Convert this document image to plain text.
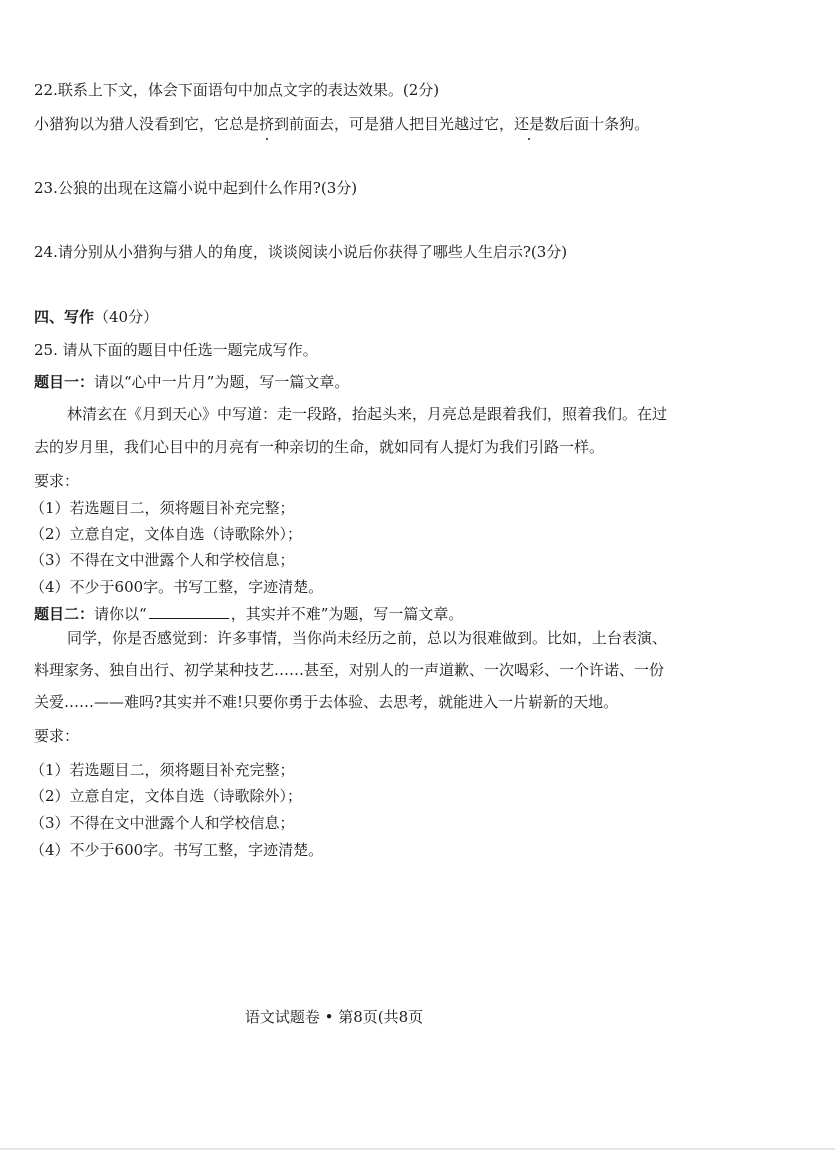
22.联系上下文，体会下面语句中加点文字的表达效果。(2分)
小猎狗以为猎人没看到它，它总是挤到前面去，可是猎人把目光越过它，还是数后面十条狗。
23.公狼的出现在这篇小说中起到什么作用?(3分)
24.请分别从小猎狗与猎人的角度，谈谈阅读小说后你获得了哪些人生启示?(3分)
四、写作（40分）
25. 请从下面的题目中任选一题完成写作。
题目一：请以“心中一片月”为题，写一篇文章。
林清玄在《月到天心》中写道：走一段路，抬起头来，月亮总是跟着我们，照着我们。在过
去的岁月里，我们心目中的月亮有一种亲切的生命，就如同有人提灯为我们引路一样。
要求：
（1）若选题目二，须将题目补充完整；
（2）立意自定，文体自选（诗歌除外）；
（3）不得在文中泄露个人和学校信息；
（4）不少于600字。书写工整，字迹清楚。
题目二：请你以“	，其实并不难”为题，写一篇文章。
同学，你是否感觉到：许多事情，当你尚未经历之前，总以为很难做到。比如，上台表演、
料理家务、独自出行、初学某种技艺……甚至，对别人的一声道歉、一次喝彩、一个许诺、一份
关爱……——难吗?其实并不难!只要你勇于去体验、去思考，就能进入一片崭新的天地。
要求：
（1）若选题目二，须将题目补充完整；
（2）立意自定，文体自选（诗歌除外）；
（3）不得在文中泄露个人和学校信息；
（4）不少于600字。书写工整，字迹清楚。
语文试题卷 • 第8页(共8页
